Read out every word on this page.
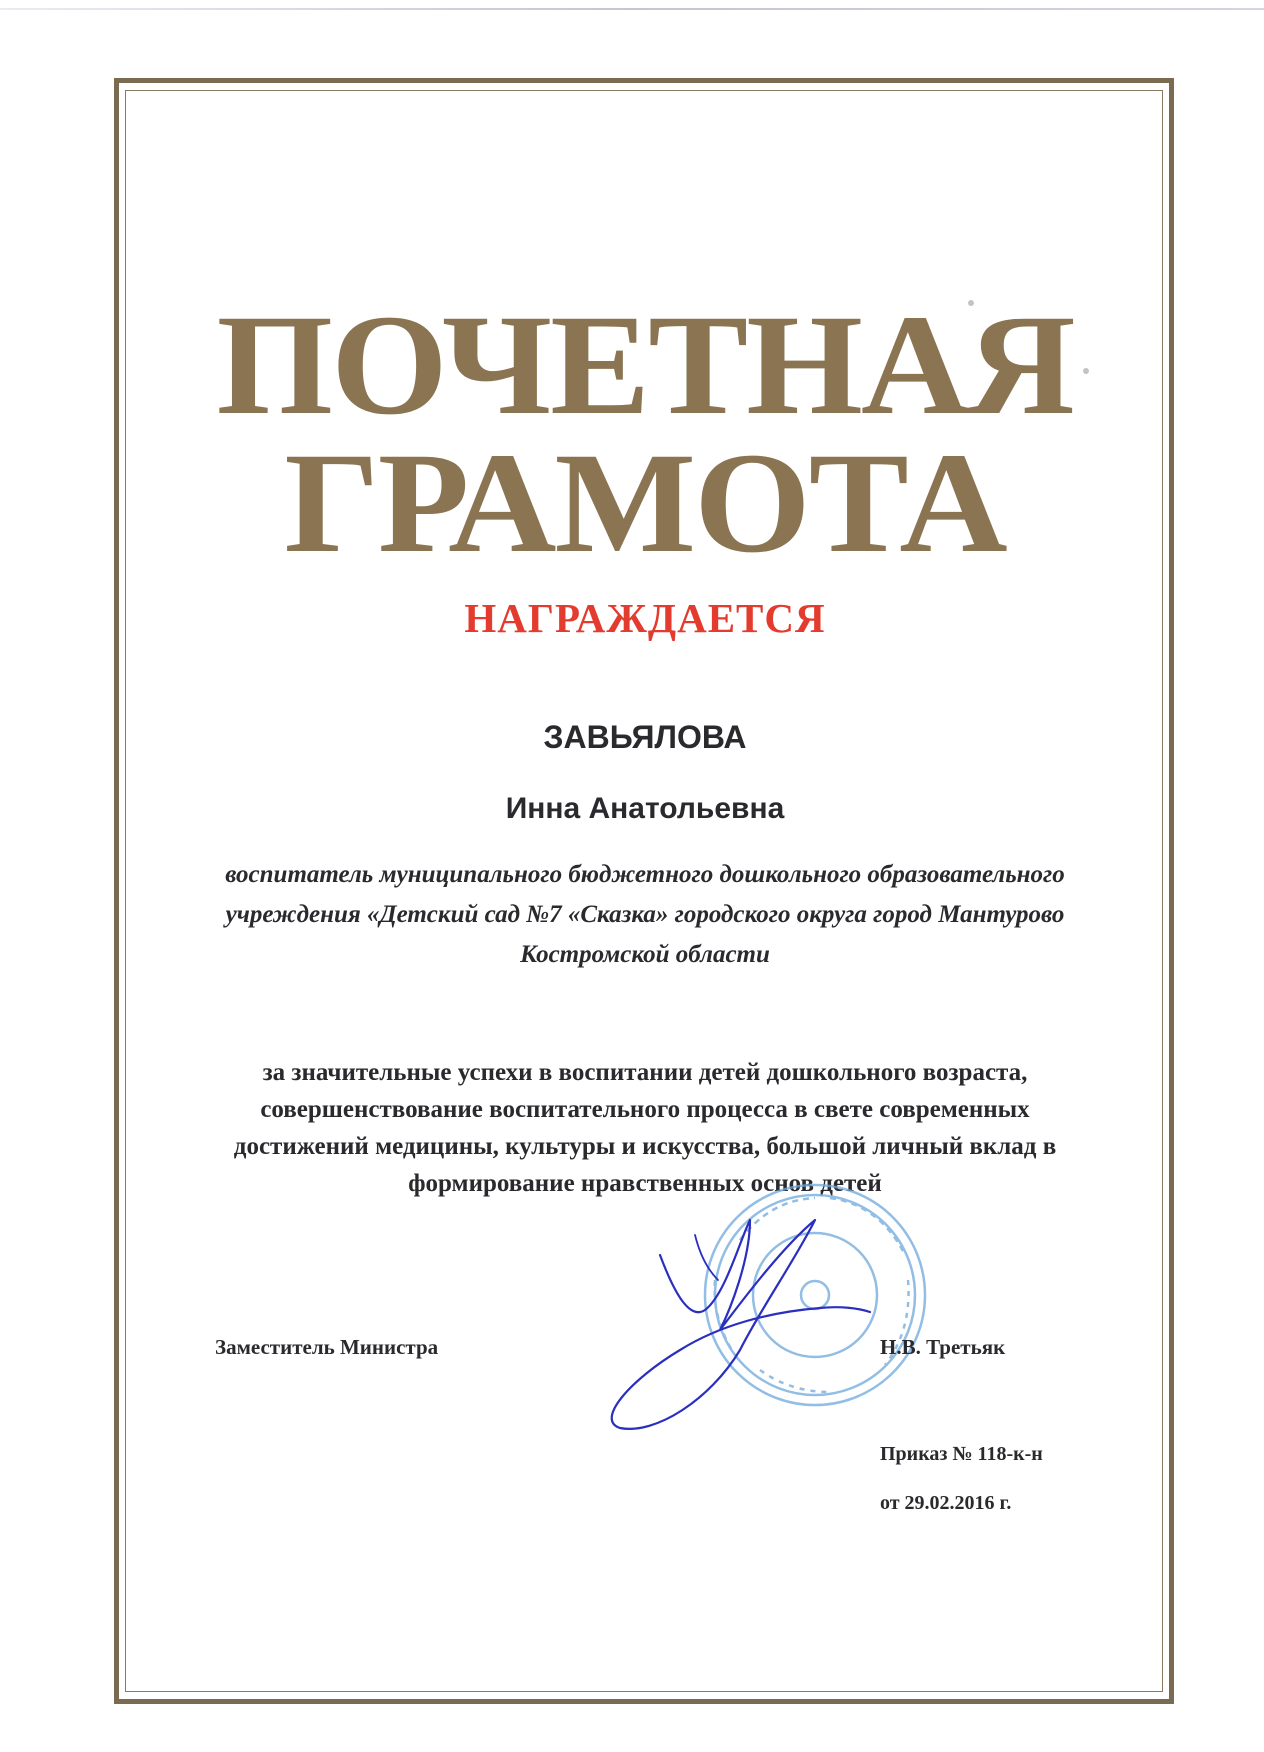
ПОЧЕТНАЯ
ГРАМОТА
НАГРАЖДАЕТСЯ
ЗАВЬЯЛОВА
Инна Анатольевна
воспитатель муниципального бюджетного дошкольного образовательного
учреждения «Детский сад №7 «Сказка» городского округа город Мантурово
Костромской области
за значительные успехи в воспитании детей дошкольного возраста,
совершенствование воспитательного процесса в свете современных
достижений медицины, культуры и искусства, большой личный вклад в
формирование нравственных основ детей
Заместитель Министра	Н.В. Третьяк
Приказ № 118-к-н
от 29.02.2016 г.
